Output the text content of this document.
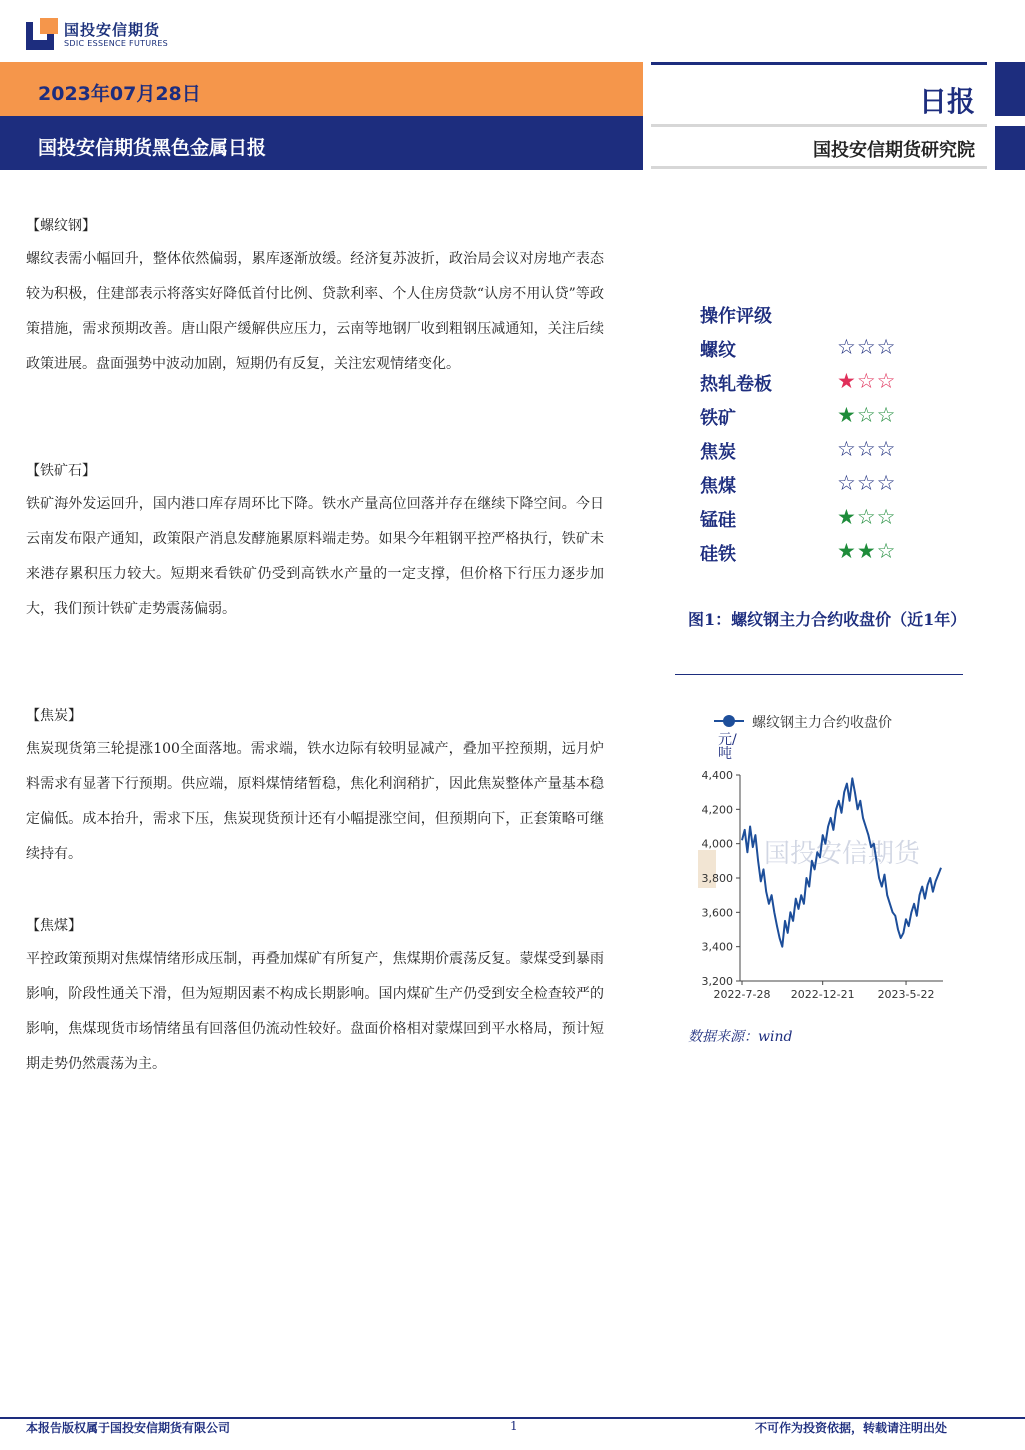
国投安信期货
SDIC ESSENCE FUTURES
2023年07月28日
国投安信期货黑色金属日报
日报
国投安信期货研究院
【螺纹钢】
螺纹表需小幅回升，整体依然偏弱，累库逐渐放缓。经济复苏波折，政治局会议对房地产表态较为积极，住建部表示将落实好降低首付比例、贷款利率、个人住房贷款“认房不用认贷”等政策措施，需求预期改善。唐山限产缓解供应压力，云南等地钢厂收到粗钢压减通知，关注后续政策进展。盘面强势中波动加剧，短期仍有反复，关注宏观情绪变化。
【铁矿石】
铁矿海外发运回升，国内港口库存周环比下降。铁水产量高位回落并存在继续下降空间。今日云南发布限产通知，政策限产消息发酵施累原料端走势。如果今年粗钢平控严格执行，铁矿未来港存累积压力较大。短期来看铁矿仍受到高铁水产量的一定支撑，但价格下行压力逐步加大，我们预计铁矿走势震荡偏弱。
【焦炭】
焦炭现货第三轮提涨100全面落地。需求端，铁水边际有较明显减产，叠加平控预期，远月炉料需求有显著下行预期。供应端，原料煤情绪暂稳，焦化利润稍扩，因此焦炭整体产量基本稳定偏低。成本抬升，需求下压，焦炭现货预计还有小幅提涨空间，但预期向下，正套策略可继续持有。
【焦煤】
平控政策预期对焦煤情绪形成压制，再叠加煤矿有所复产，焦煤期价震荡反复。蒙煤受到暴雨影响，阶段性通关下滑，但为短期因素不构成长期影响。国内煤矿生产仍受到安全检查较严的影响，焦煤现货市场情绪虽有回落但仍流动性较好。盘面价格相对蒙煤回到平水格局，预计短期走势仍然震荡为主。
操作评级
螺纹	☆☆☆
热轧卷板	★☆☆
铁矿	★☆☆
焦炭	☆☆☆
焦煤	☆☆☆
锰硅	★☆☆
硅铁	★★☆
图1：螺纹钢主力合约收盘价（近1年）
国投安信期货
3,200
3,400
3,600
3,800
4,000
4,200
4,400
2022-7-28 2022-12-21 2023-5-22
螺纹钢主力合约收盘价
元/吨
数据来源：wind
本报告版权属于国投安信期货有限公司	1	不可作为投资依据，转载请注明出处
